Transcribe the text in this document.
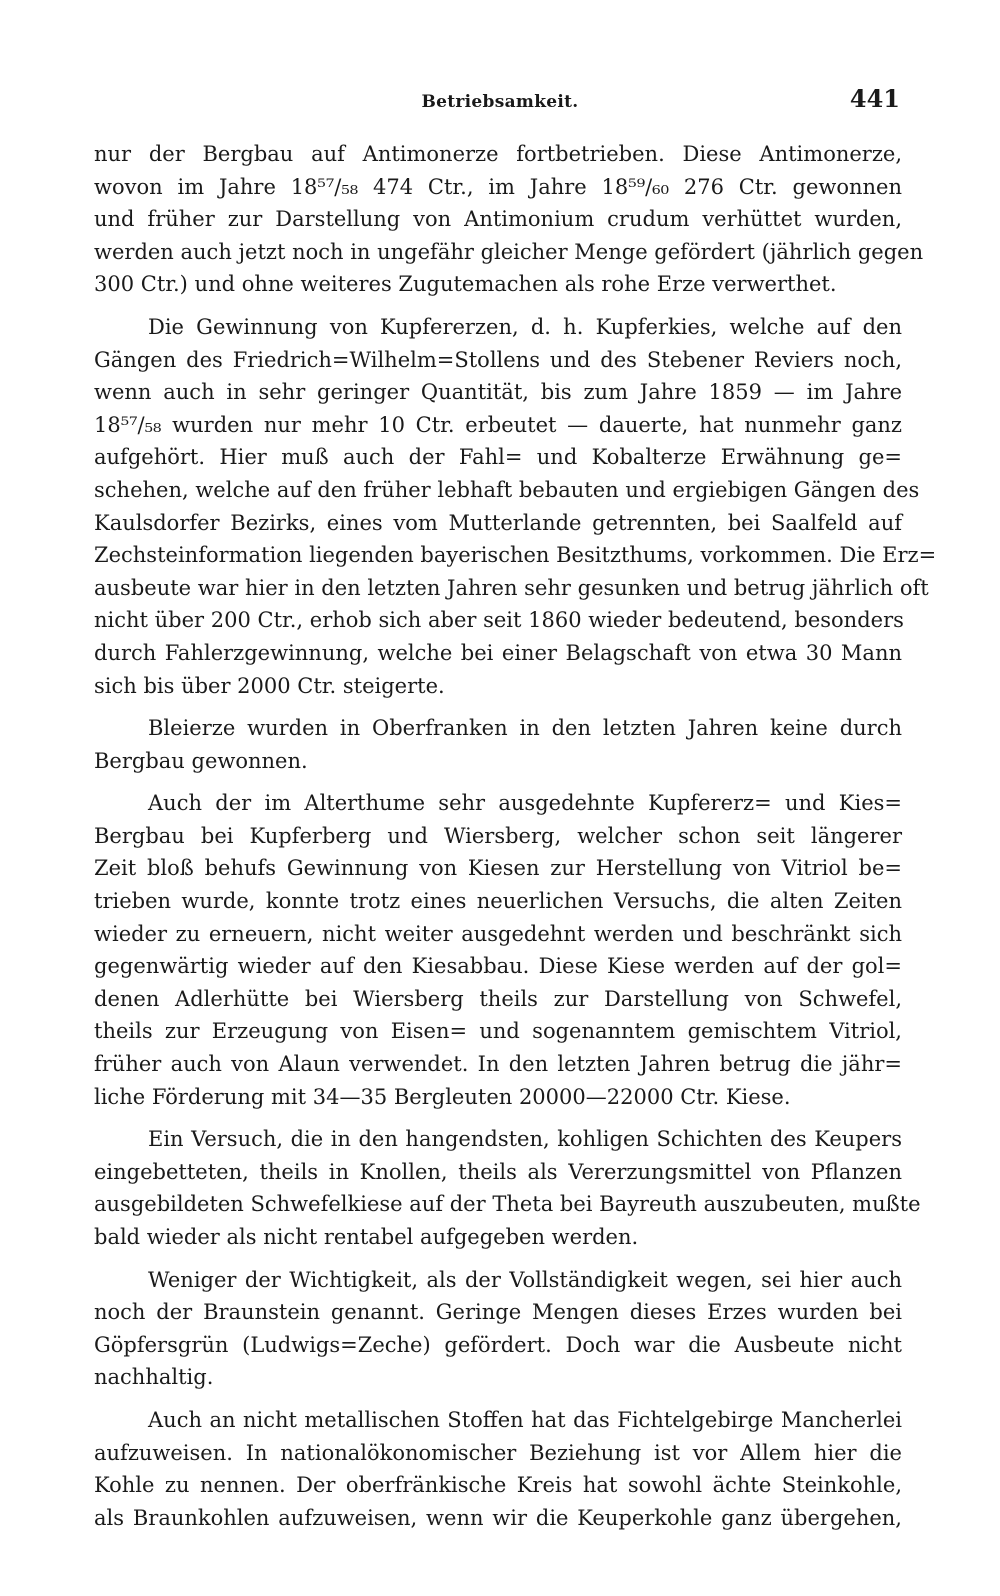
Betriebsamkeit.	441
nur der Bergbau auf Antimonerze fortbetrieben. Diese Antimonerze,
wovon im Jahre 18⁵⁷/₅₈ 474 Ctr., im Jahre 18⁵⁹/₆₀ 276 Ctr. gewonnen
und früher zur Darstellung von Antimonium crudum verhüttet wurden,
werden auch jetzt noch in ungefähr gleicher Menge gefördert (jährlich gegen
300 Ctr.) und ohne weiteres Zugutemachen als rohe Erze verwerthet.
Die Gewinnung von Kupfererzen, d. h. Kupferkies, welche auf den
Gängen des Friedrich=Wilhelm=Stollens und des Stebener Reviers noch,
wenn auch in sehr geringer Quantität, bis zum Jahre 1859 — im Jahre
18⁵⁷/₅₈ wurden nur mehr 10 Ctr. erbeutet — dauerte, hat nunmehr ganz
aufgehört. Hier muß auch der Fahl= und Kobalterze Erwähnung ge=
schehen, welche auf den früher lebhaft bebauten und ergiebigen Gängen des
Kaulsdorfer Bezirks, eines vom Mutterlande getrennten, bei Saalfeld auf
Zechsteinformation liegenden bayerischen Besitzthums, vorkommen. Die Erz=
ausbeute war hier in den letzten Jahren sehr gesunken und betrug jährlich oft
nicht über 200 Ctr., erhob sich aber seit 1860 wieder bedeutend, besonders
durch Fahlerzgewinnung, welche bei einer Belagschaft von etwa 30 Mann
sich bis über 2000 Ctr. steigerte.
Bleierze wurden in Oberfranken in den letzten Jahren keine durch
Bergbau gewonnen.
Auch der im Alterthume sehr ausgedehnte Kupfererz= und Kies=
Bergbau bei Kupferberg und Wiersberg, welcher schon seit längerer
Zeit bloß behufs Gewinnung von Kiesen zur Herstellung von Vitriol be=
trieben wurde, konnte trotz eines neuerlichen Versuchs, die alten Zeiten
wieder zu erneuern, nicht weiter ausgedehnt werden und beschränkt sich
gegenwärtig wieder auf den Kiesabbau. Diese Kiese werden auf der gol=
denen Adlerhütte bei Wiersberg theils zur Darstellung von Schwefel,
theils zur Erzeugung von Eisen= und sogenanntem gemischtem Vitriol,
früher auch von Alaun verwendet. In den letzten Jahren betrug die jähr=
liche Förderung mit 34—35 Bergleuten 20000—22000 Ctr. Kiese.
Ein Versuch, die in den hangendsten, kohligen Schichten des Keupers
eingebetteten, theils in Knollen, theils als Vererzungsmittel von Pflanzen
ausgebildeten Schwefelkiese auf der Theta bei Bayreuth auszubeuten, mußte
bald wieder als nicht rentabel aufgegeben werden.
Weniger der Wichtigkeit, als der Vollständigkeit wegen, sei hier auch
noch der Braunstein genannt. Geringe Mengen dieses Erzes wurden bei
Göpfersgrün (Ludwigs=Zeche) gefördert. Doch war die Ausbeute nicht
nachhaltig.
Auch an nicht metallischen Stoffen hat das Fichtelgebirge Mancherlei
aufzuweisen. In nationalökonomischer Beziehung ist vor Allem hier die
Kohle zu nennen. Der oberfränkische Kreis hat sowohl ächte Steinkohle,
als Braunkohlen aufzuweisen, wenn wir die Keuperkohle ganz übergehen,
